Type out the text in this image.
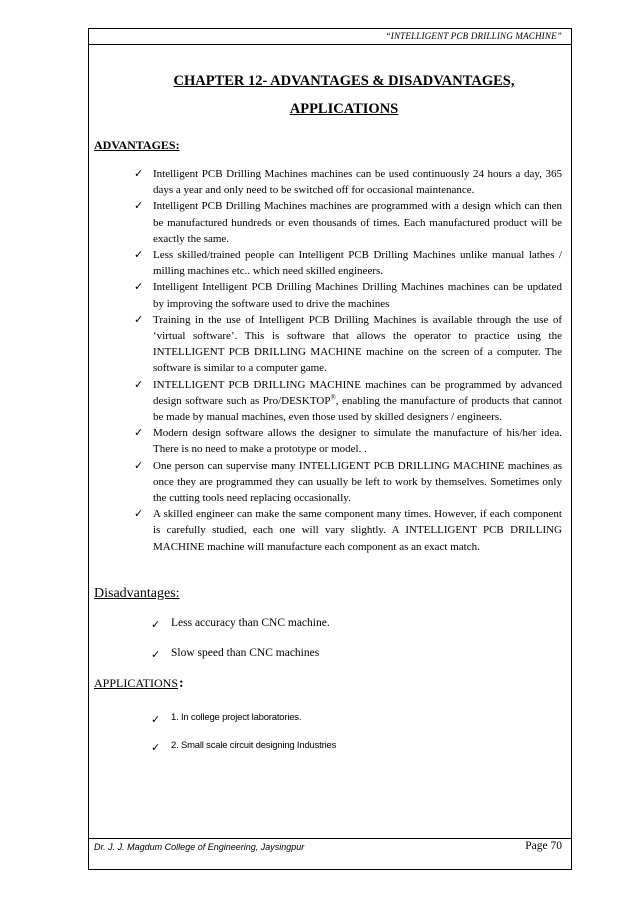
“INTELLIGENT PCB DRILLING MACHINE”
CHAPTER 12- ADVANTAGES & DISADVANTAGES,
APPLICATIONS
ADVANTAGES:
✓ Intelligent PCB Drilling Machines machines can be used continuously 24 hours a day, 365 days a year and only need to be switched off for occasional maintenance.
✓ Intelligent PCB Drilling Machines machines are programmed with a design which can then be manufactured hundreds or even thousands of times. Each manufactured product will be exactly the same.
✓ Less skilled/trained people can Intelligent PCB Drilling Machines unlike manual lathes / milling machines etc.. which need skilled engineers.
✓ Intelligent Intelligent PCB Drilling Machines Drilling Machines machines can be updated by improving the software used to drive the machines
✓ Training in the use of Intelligent PCB Drilling Machines is available through the use of ‘virtual software’. This is software that allows the operator to practice using the INTELLIGENT PCB DRILLING MACHINE machine on the screen of a computer. The software is similar to a computer game.
✓ INTELLIGENT PCB DRILLING MACHINE machines can be programmed by advanced design software such as Pro/DESKTOP®, enabling the manufacture of products that cannot be made by manual machines, even those used by skilled designers / engineers.
✓ Modern design software allows the designer to simulate the manufacture of his/her idea. There is no need to make a prototype or model. .
✓ One person can supervise many INTELLIGENT PCB DRILLING MACHINE machines as once they are programmed they can usually be left to work by themselves. Sometimes only the cutting tools need replacing occasionally.
✓ A skilled engineer can make the same component many times. However, if each component is carefully studied, each one will vary slightly. A INTELLIGENT PCB DRILLING MACHINE machine will manufacture each component as an exact match.
Disadvantages:
✓ Less accuracy than CNC machine.
✓ Slow speed than CNC machines
APPLICATIONS:
✓ 1. In college project laboratories.
✓ 2. Small scale circuit designing Industries
Dr. J. J. Magdum College of Engineering, Jaysingpur	Page 70
